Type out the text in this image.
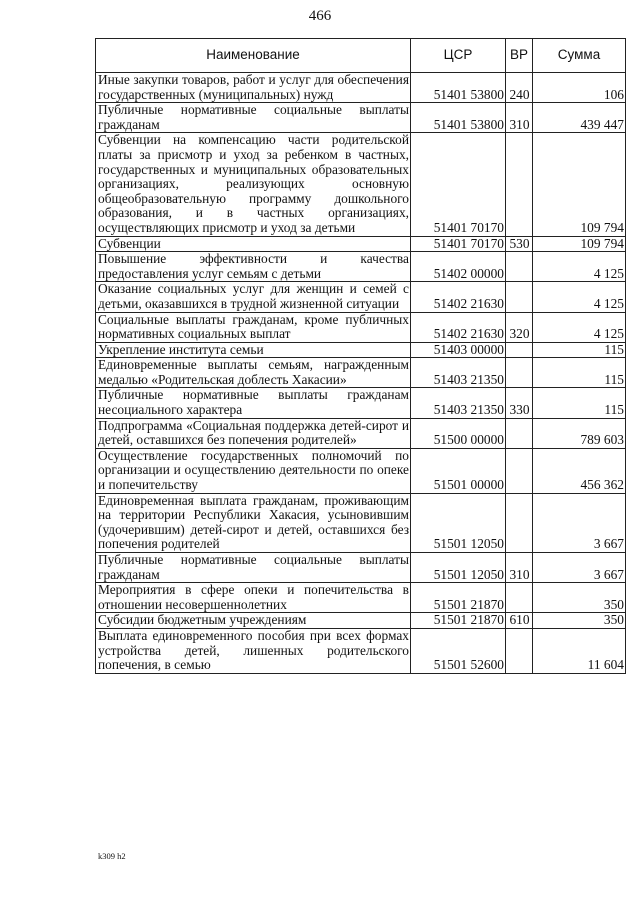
466
Наименование	ЦСР	ВР	Сумма
Иные закупки товаров, работ и услуг для обеспечения государственных (муниципальных) нужд	51401 53800	240	106
Публичные нормативные социальные выплаты гражданам	51401 53800	310	439 447
Субвенции на компенсацию части родительской платы за присмотр и уход за ребенком в частных, государственных и муниципальных образовательных организациях, реализующих основную общеобразовательную программу дошкольного образования, и в частных организациях, осуществляющих присмотр и уход за детьми	51401 70170		109 794
Субвенции	51401 70170	530	109 794
Повышение эффективности и качества предоставления услуг семьям с детьми	51402 00000		4 125
Оказание социальных услуг для женщин и семей с детьми, оказавшихся в трудной жизненной ситуации	51402 21630		4 125
Социальные выплаты гражданам, кроме публичных нормативных социальных выплат	51402 21630	320	4 125
Укрепление института семьи	51403 00000		115
Единовременные выплаты семьям, награжденным медалью «Родительская доблесть Хакасии»	51403 21350		115
Публичные нормативные выплаты гражданам несоциального характера	51403 21350	330	115
Подпрограмма «Социальная поддержка детей-сирот и детей, оставшихся без попечения родителей»	51500 00000		789 603
Осуществление государственных полномочий по организации и осуществлению деятельности по опеке и попечительству	51501 00000		456 362
Единовременная выплата гражданам, проживающим на территории Республики Хакасия, усыновившим (удочерившим) детей-сирот и детей, оставшихся без попечения родителей	51501 12050		3 667
Публичные нормативные социальные выплаты гражданам	51501 12050	310	3 667
Мероприятия в сфере опеки и попечительства в отношении несовершеннолетних	51501 21870		350
Субсидии бюджетным учреждениям	51501 21870	610	350
Выплата единовременного пособия при всех формах устройства детей, лишенных родительского попечения, в семью	51501 52600		11 604
k309 h2
